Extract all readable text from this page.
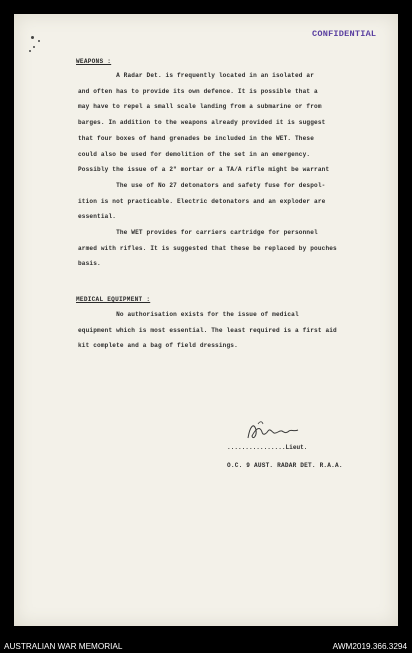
CONFIDENTIAL
WEAPONS :
A Radar Det. is frequently located in an isolated ar
and often has to provide its own defence. It is possible that a
may have to repel a small scale landing from a submarine or from
barges. In addition to the weapons already provided it is suggest
that four boxes of hand grenades be included in the WET. These
could also be used for demolition of the set in an emergency.
Possibly the issue of a 2" mortar or a TA/A rifle might be warrant
The use of No 27 detonators and safety fuse for despol-
ition is not practicable. Electric detonators and an exploder are
essential.
The WET provides for carriers cartridge for personnel
armed with rifles. It is suggested that these be replaced by pouches
basis.
MEDICAL EQUIPMENT :
No authorisation exists for the issue of medical
equipment which is most essential. The least required is a first aid
kit complete and a bag of field dressings.
................Lieut.
O.C. 9 AUST. RADAR DET. R.A.A.
AUSTRALIAN WAR MEMORIAL	AWM2019.366.3294
